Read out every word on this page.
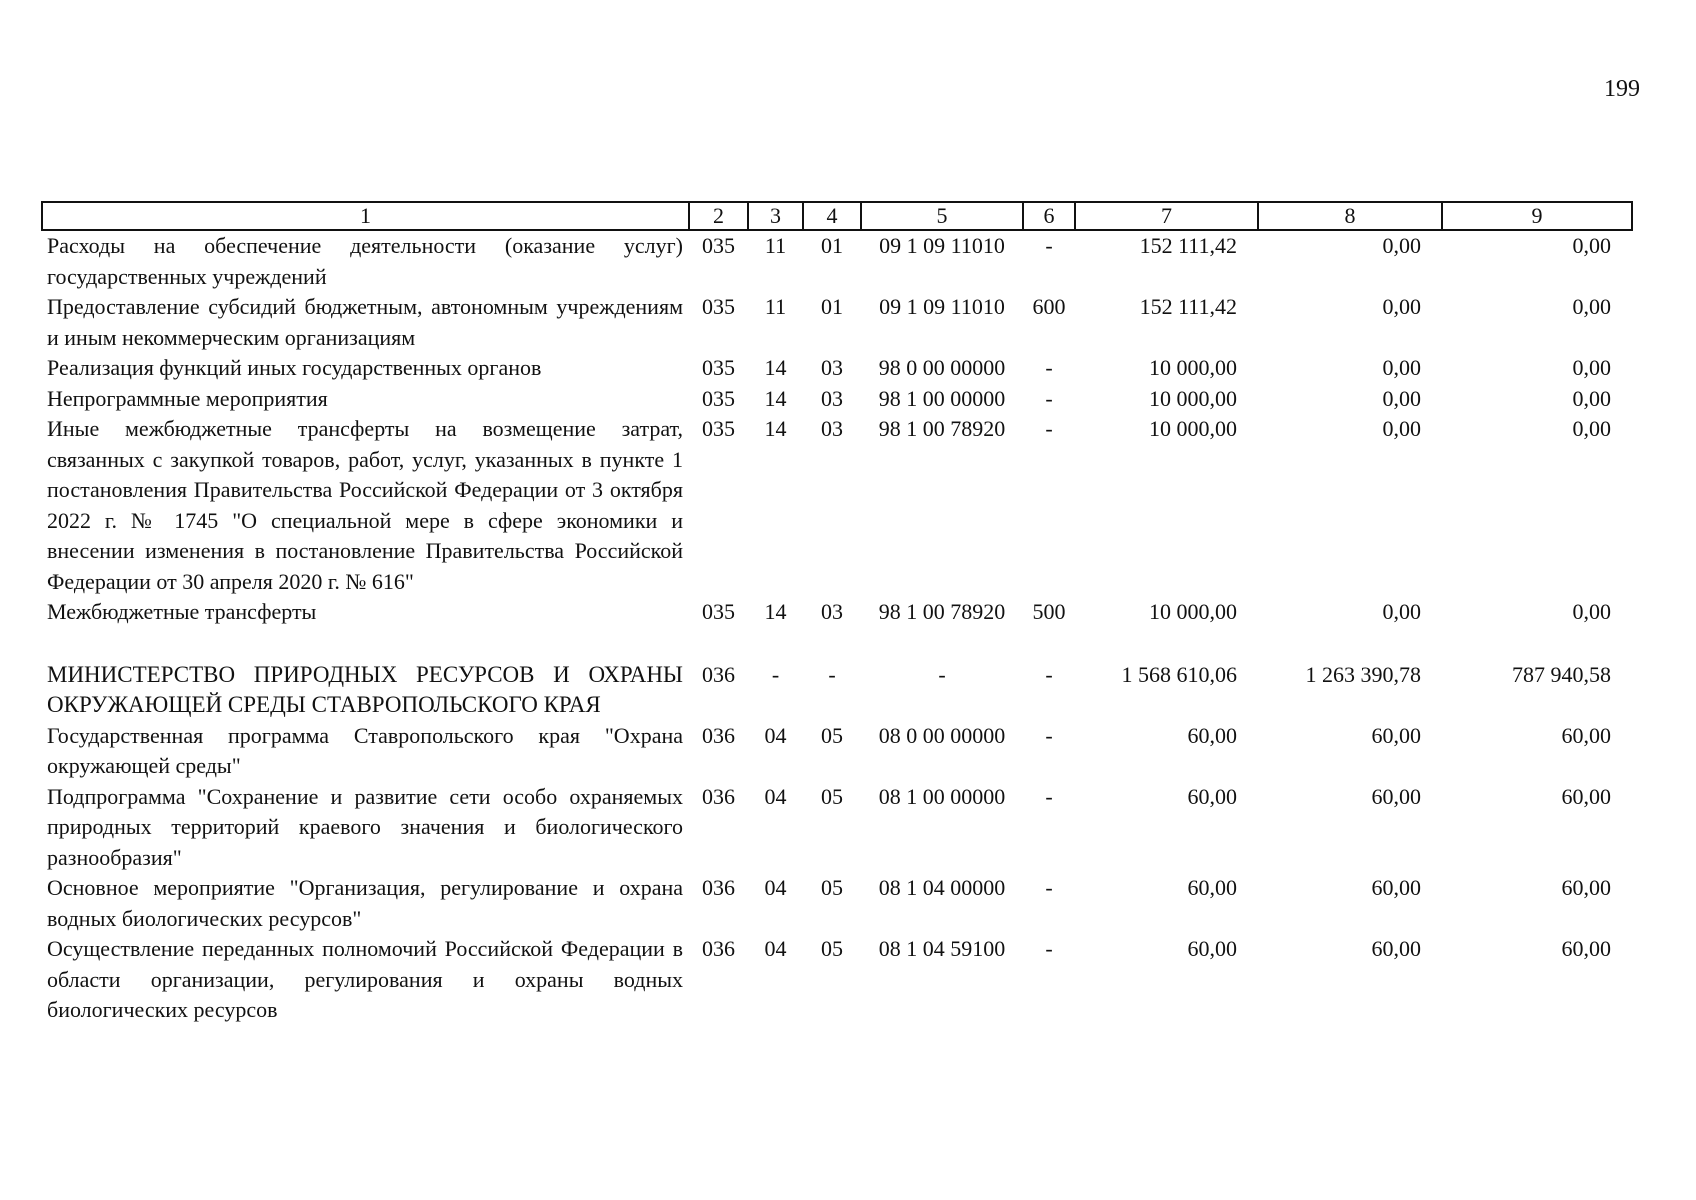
199
1	2	3	4	5	6	7	8	9
Расходы на обеспечение деятельности (оказание услуг) государственных учреждений	035	11	01	09 1 09 11010	-	152 111,42	0,00	0,00
Предоставление субсидий бюджетным, автономным учреждениям и иным некоммерческим организациям	035	11	01	09 1 09 11010	600	152 111,42	0,00	0,00
Реализация функций иных государственных органов	035	14	03	98 0 00 00000	-	10 000,00	0,00	0,00
Непрограммные мероприятия	035	14	03	98 1 00 00000	-	10 000,00	0,00	0,00
Иные межбюджетные трансферты на возмещение затрат, связанных с закупкой товаров, работ, услуг, указанных в пункте 1 постановления Правительства Российской Федерации от 3 октября 2022 г. № 1745 "О специальной мере в сфере экономики и внесении изменения в постановление Правительства Российской Федерации от 30 апреля 2020 г. № 616"	035	14	03	98 1 00 78920	-	10 000,00	0,00	0,00
Межбюджетные трансферты	035	14	03	98 1 00 78920	500	10 000,00	0,00	0,00

МИНИСТЕРСТВО ПРИРОДНЫХ РЕСУРСОВ И ОХРАНЫ ОКРУЖАЮЩЕЙ СРЕДЫ СТАВРОПОЛЬСКОГО КРАЯ	036	-	-	-	-	1 568 610,06	1 263 390,78	787 940,58
Государственная программа Ставропольского края "Охрана окружающей среды"	036	04	05	08 0 00 00000	-	60,00	60,00	60,00
Подпрограмма "Сохранение и развитие сети особо охраняемых природных территорий краевого значения и биологического разнообразия"	036	04	05	08 1 00 00000	-	60,00	60,00	60,00
Основное мероприятие "Организация, регулирование и охрана водных биологических ресурсов"	036	04	05	08 1 04 00000	-	60,00	60,00	60,00
Осуществление переданных полномочий Российской Федерации в области организации, регулирования и охраны водных биологических ресурсов	036	04	05	08 1 04 59100	-	60,00	60,00	60,00
